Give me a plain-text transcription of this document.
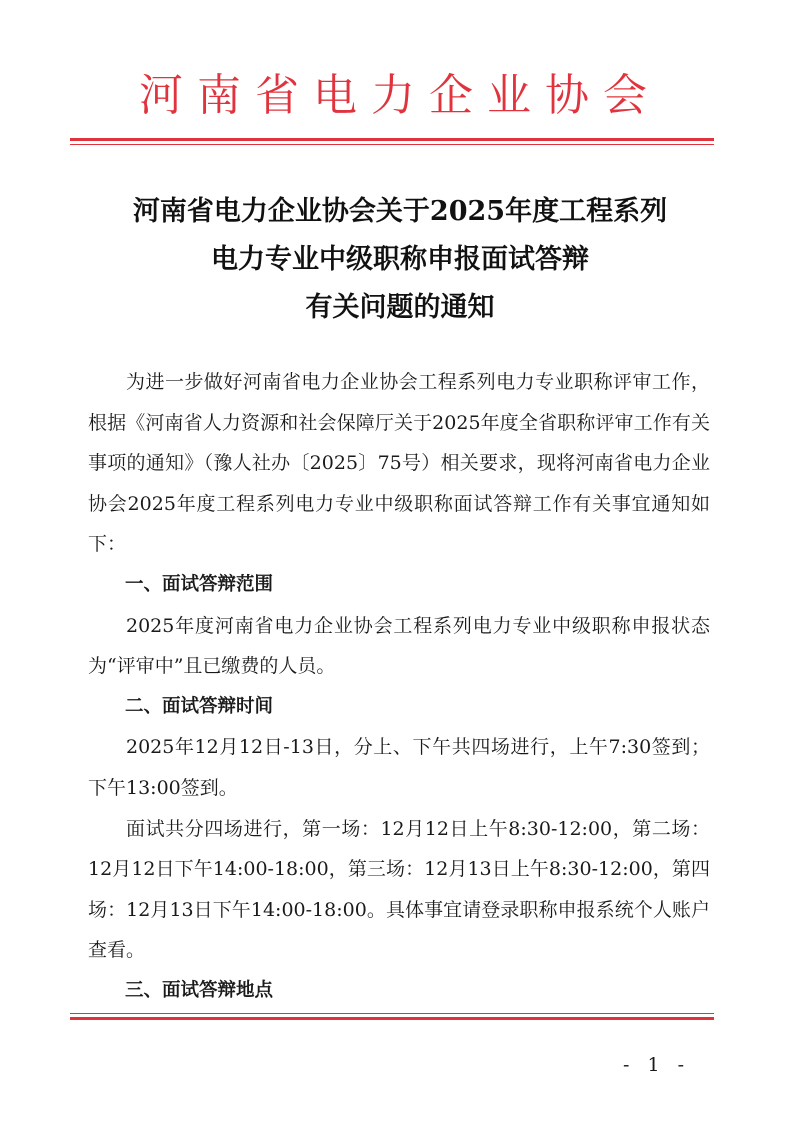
河南省电力企业协会
河南省电力企业协会关于2025年度工程系列
电力专业中级职称申报面试答辩
有关问题的通知

为进一步做好河南省电力企业协会工程系列电力专业职称评审工作，根据《河南省人力资源和社会保障厅关于2025年度全省职称评审工作有关事项的通知》（豫人社办〔2025〕75号）相关要求，现将河南省电力企业协会2025年度工程系列电力专业中级职称面试答辩工作有关事宜通知如下：

一、面试答辩范围

2025年度河南省电力企业协会工程系列电力专业中级职称申报状态为“评审中”且已缴费的人员。

二、面试答辩时间

2025年12月12日-13日，分上、下午共四场进行，上午7:30签到；下午13:00签到。

面试共分四场进行，第一场：12月12日上午8:30-12:00，第二场：12月12日下午14:00-18:00，第三场：12月13日上午8:30-12:00，第四场：12月13日下午14:00-18:00。具体事宜请登录职称申报系统个人账户查看。

三、面试答辩地点

- 1 -
